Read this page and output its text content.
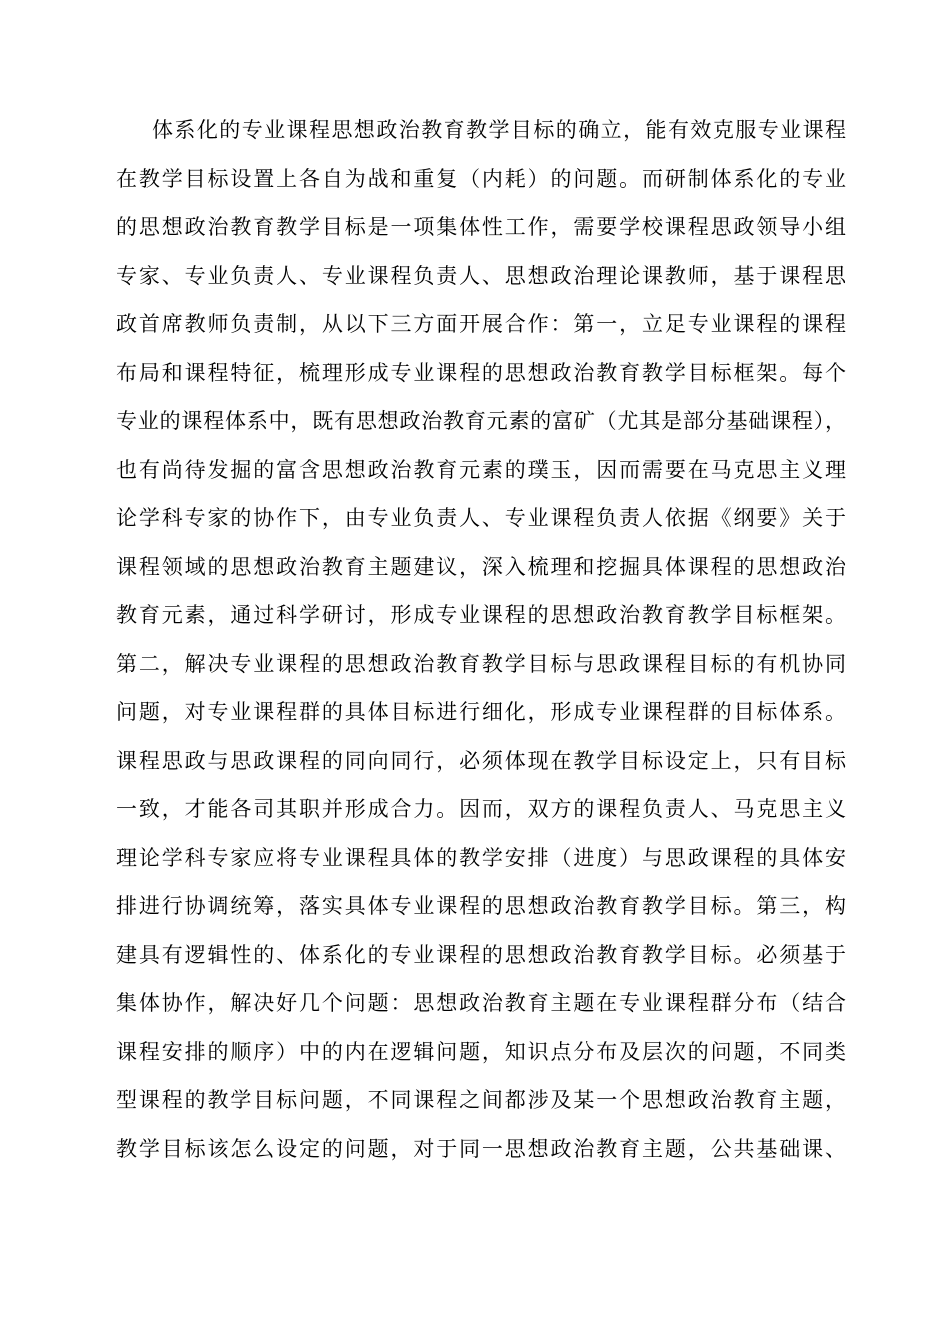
体系化的专业课程思想政治教育教学目标的确立，能有效克服专业课程
在教学目标设置上各自为战和重复（内耗）的问题。而研制体系化的专业
的思想政治教育教学目标是一项集体性工作，需要学校课程思政领导小组
专家、专业负责人、专业课程负责人、思想政治理论课教师，基于课程思
政首席教师负责制，从以下三方面开展合作：第一，立足专业课程的课程
布局和课程特征，梳理形成专业课程的思想政治教育教学目标框架。每个
专业的课程体系中，既有思想政治教育元素的富矿（尤其是部分基础课程），
也有尚待发掘的富含思想政治教育元素的璞玉，因而需要在马克思主义理
论学科专家的协作下，由专业负责人、专业课程负责人依据《纲要》关于
课程领域的思想政治教育主题建议，深入梳理和挖掘具体课程的思想政治
教育元素，通过科学研讨，形成专业课程的思想政治教育教学目标框架。
第二，解决专业课程的思想政治教育教学目标与思政课程目标的有机协同
问题，对专业课程群的具体目标进行细化，形成专业课程群的目标体系。
课程思政与思政课程的同向同行，必须体现在教学目标设定上，只有目标
一致，才能各司其职并形成合力。因而，双方的课程负责人、马克思主义
理论学科专家应将专业课程具体的教学安排（进度）与思政课程的具体安
排进行协调统筹，落实具体专业课程的思想政治教育教学目标。第三，构
建具有逻辑性的、体系化的专业课程的思想政治教育教学目标。必须基于
集体协作，解决好几个问题：思想政治教育主题在专业课程群分布（结合
课程安排的顺序）中的内在逻辑问题，知识点分布及层次的问题，不同类
型课程的教学目标问题，不同课程之间都涉及某一个思想政治教育主题，
教学目标该怎么设定的问题，对于同一思想政治教育主题，公共基础课、
